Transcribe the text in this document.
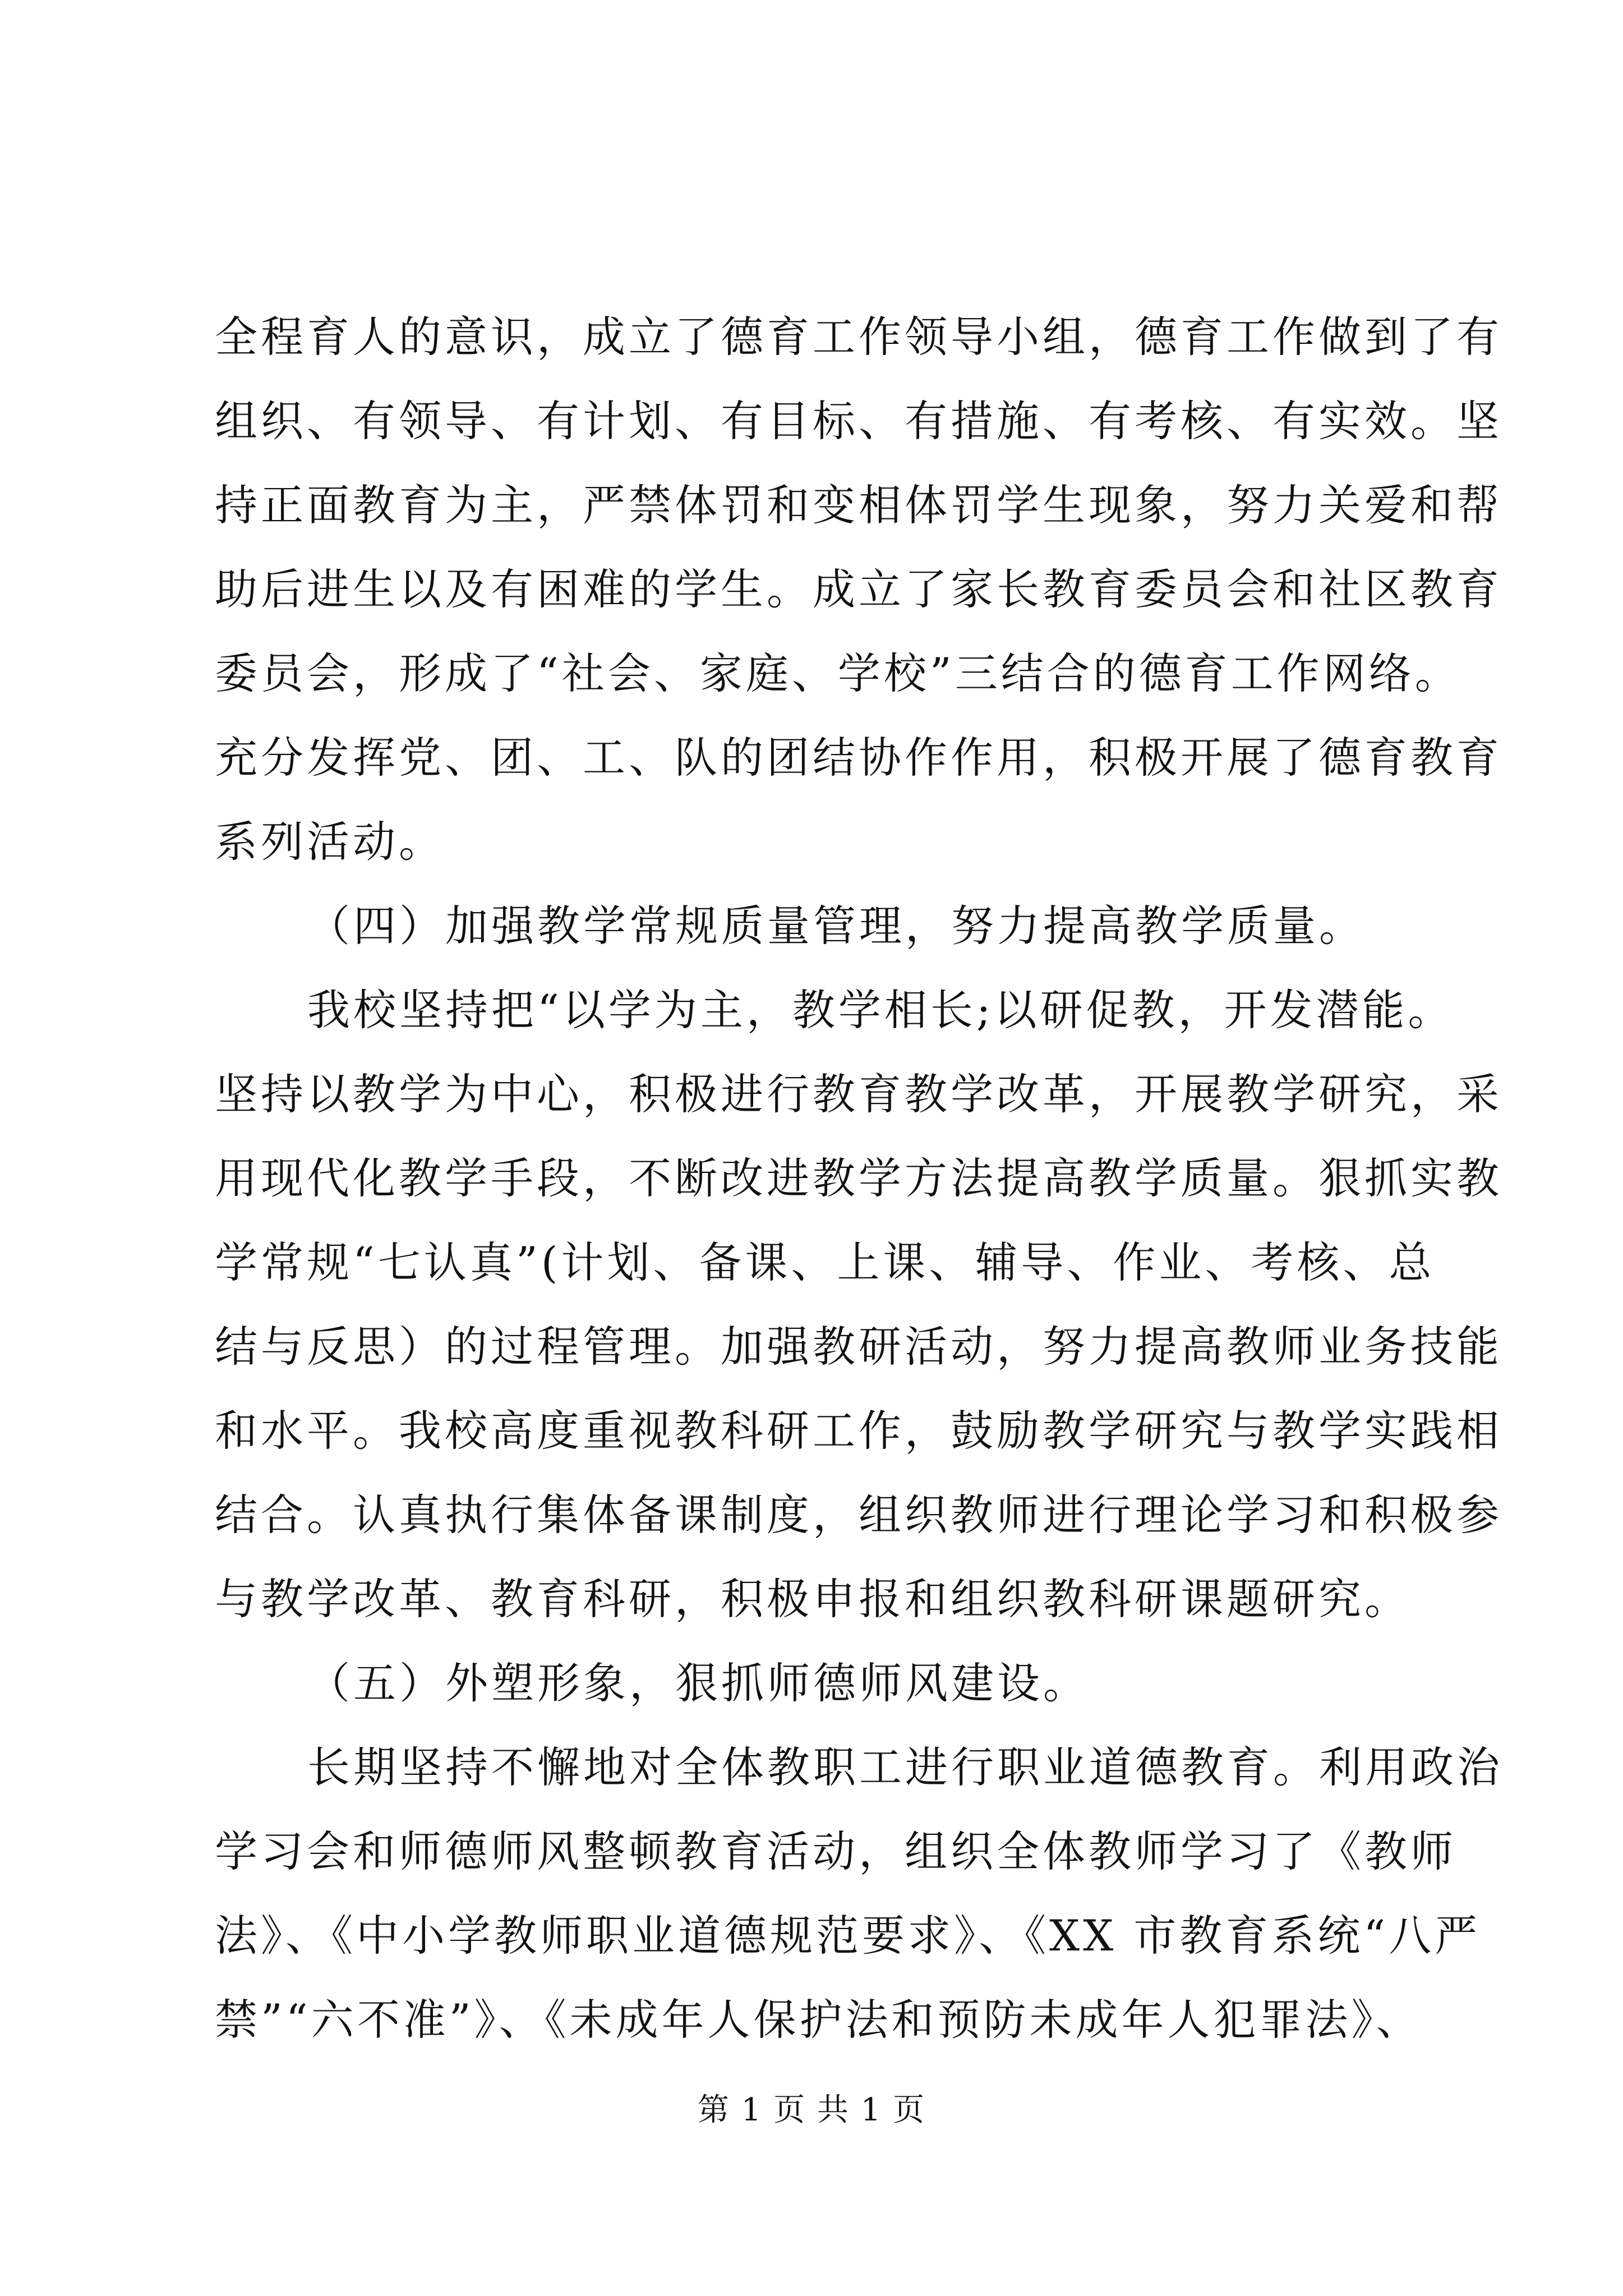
全程育人的意识，成立了德育工作领导小组，德育工作做到了有
组织、有领导、有计划、有目标、有措施、有考核、有实效。坚
持正面教育为主，严禁体罚和变相体罚学生现象，努力关爱和帮
助后进生以及有困难的学生。成立了家长教育委员会和社区教育
委员会，形成了“社会、家庭、学校”三结合的德育工作网络。
充分发挥党、团、工、队的团结协作作用，积极开展了德育教育
系列活动。
（四）加强教学常规质量管理，努力提高教学质量。
我校坚持把“以学为主，教学相长;以研促教，开发潜能。
坚持以教学为中心，积极进行教育教学改革，开展教学研究，采
用现代化教学手段，不断改进教学方法提高教学质量。狠抓实教
学常规“七认真”(计划、备课、上课、辅导、作业、考核、总
结与反思）的过程管理。加强教研活动，努力提高教师业务技能
和水平。我校高度重视教科研工作，鼓励教学研究与教学实践相
结合。认真执行集体备课制度，组织教师进行理论学习和积极参
与教学改革、教育科研，积极申报和组织教科研课题研究。
（五）外塑形象，狠抓师德师风建设。
长期坚持不懈地对全体教职工进行职业道德教育。利用政治
学习会和师德师风整顿教育活动，组织全体教师学习了《教师
法》、《中小学教师职业道德规范要求》、《XX 市教育系统“八严
禁”“六不准”》、《未成年人保护法和预防未成年人犯罪法》、
第 1 页 共 1 页
